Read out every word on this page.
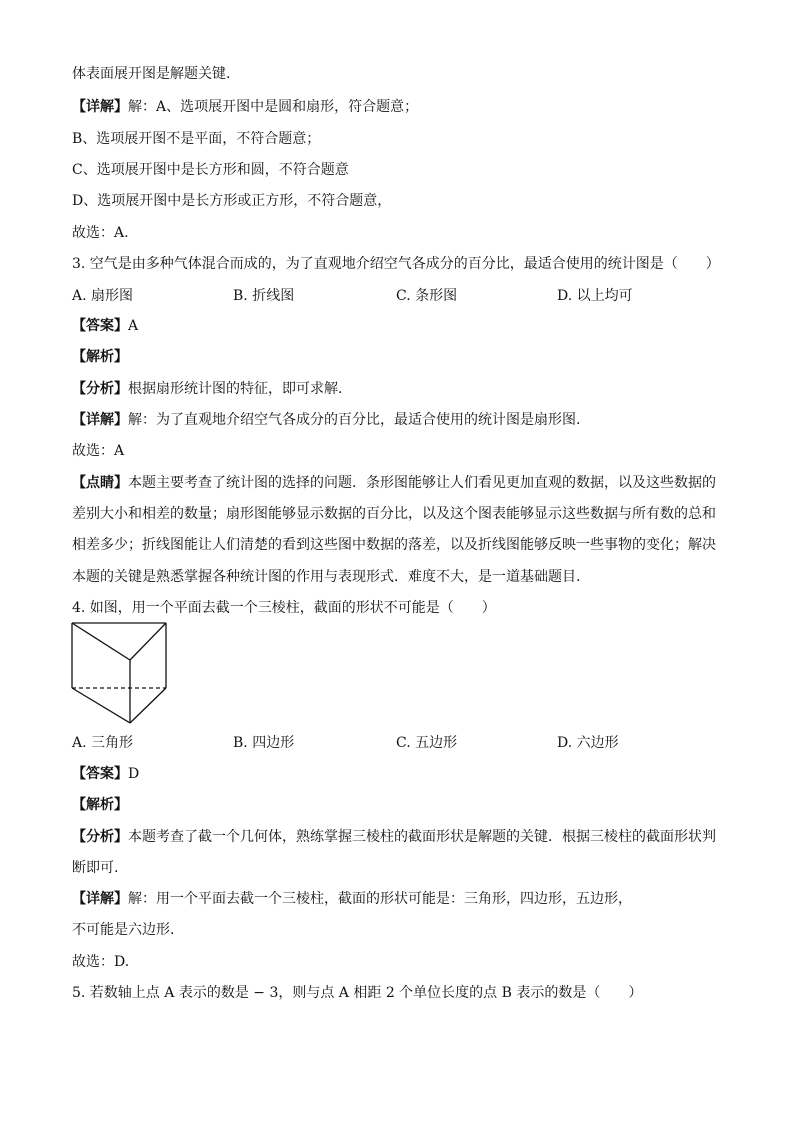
体表面展开图是解题关键.
【详解】解：A、选项展开图中是圆和扇形，符合题意；
B、选项展开图不是平面，不符合题意；
C、选项展开图中是长方形和圆，不符合题意
D、选项展开图中是长方形或正方形，不符合题意，
故选：A.
3. 空气是由多种气体混合而成的，为了直观地介绍空气各成分的百分比，最适合使用的统计图是（　　）
A. 扇形图	B. 折线图	C. 条形图	D. 以上均可
【答案】A
【解析】
【分析】根据扇形统计图的特征，即可求解.
【详解】解：为了直观地介绍空气各成分的百分比，最适合使用的统计图是扇形图.
故选：A
【点睛】本题主要考查了统计图的选择的问题．条形图能够让人们看见更加直观的数据，以及这些数据的
差别大小和相差的数量；扇形图能够显示数据的百分比，以及这个图表能够显示这些数据与所有数的总和
相差多少；折线图能让人们清楚的看到这些图中数据的落差，以及折线图能够反映一些事物的变化；解决
本题的关键是熟悉掌握各种统计图的作用与表现形式．难度不大，是一道基础题目.
4. 如图，用一个平面去截一个三棱柱，截面的形状不可能是（　　）
A. 三角形	B. 四边形	C. 五边形	D. 六边形
【答案】D
【解析】
【分析】本题考查了截一个几何体，熟练掌握三棱柱的截面形状是解题的关键．根据三棱柱的截面形状判
断即可.
【详解】解：用一个平面去截一个三棱柱，截面的形状可能是：三角形，四边形，五边形，
不可能是六边形.
故选：D.
5. 若数轴上点 A 表示的数是 − 3，则与点 A 相距 2 个单位长度的点 B 表示的数是（　　）
